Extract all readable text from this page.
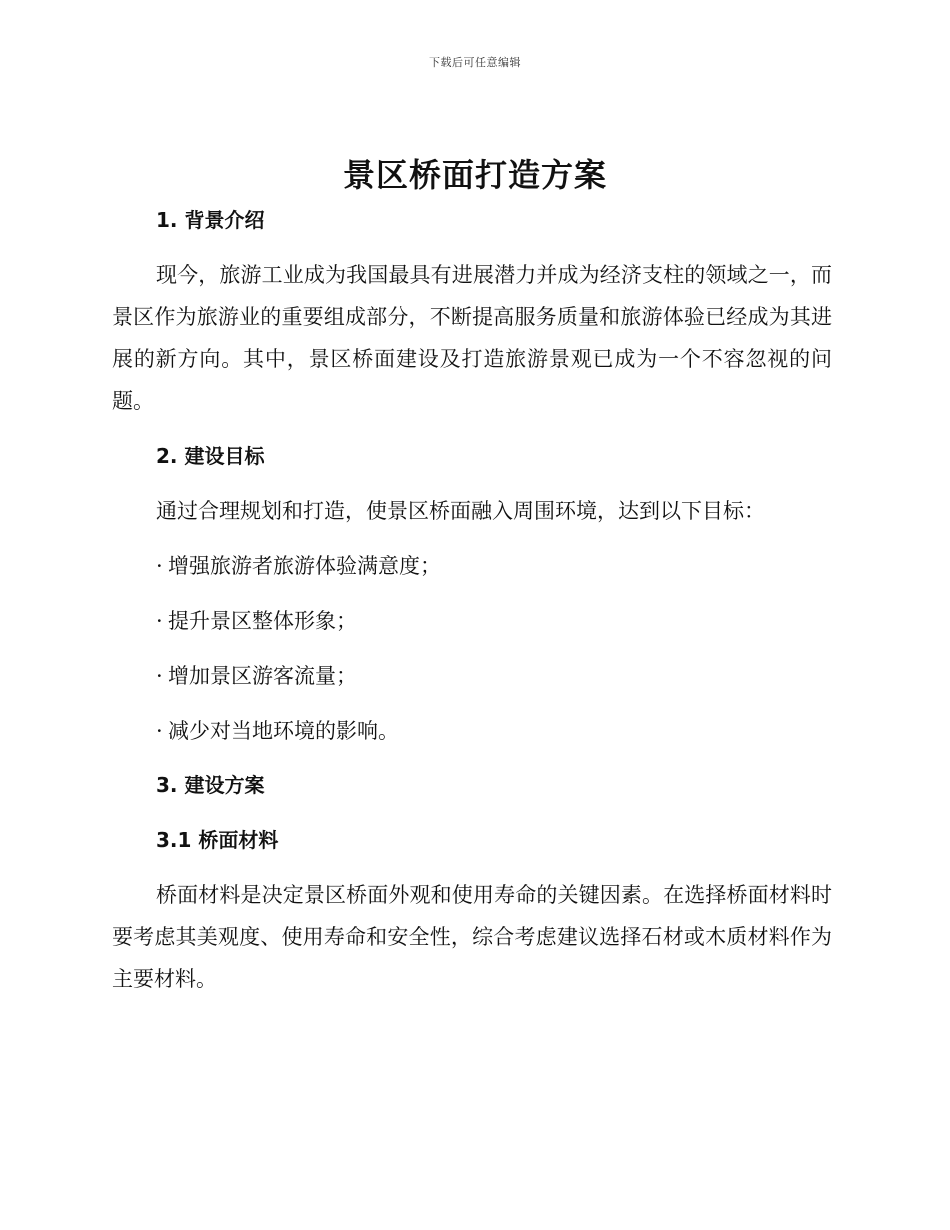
下载后可任意编辑
景区桥面打造方案
1. 背景介绍

现今，旅游工业成为我国最具有进展潜力并成为经济支柱的领域之一，而景区作为旅游业的重要组成部分，不断提高服务质量和旅游体验已经成为其进展的新方向。其中，景区桥面建设及打造旅游景观已成为一个不容忽视的问题。

2. 建设目标

通过合理规划和打造，使景区桥面融入周围环境，达到以下目标：

· 增强旅游者旅游体验满意度；

· 提升景区整体形象；

· 增加景区游客流量；

· 减少对当地环境的影响。

3. 建设方案
3.1 桥面材料

桥面材料是决定景区桥面外观和使用寿命的关键因素。在选择桥面材料时要考虑其美观度、使用寿命和安全性，综合考虑建议选择石材或木质材料作为主要材料。
